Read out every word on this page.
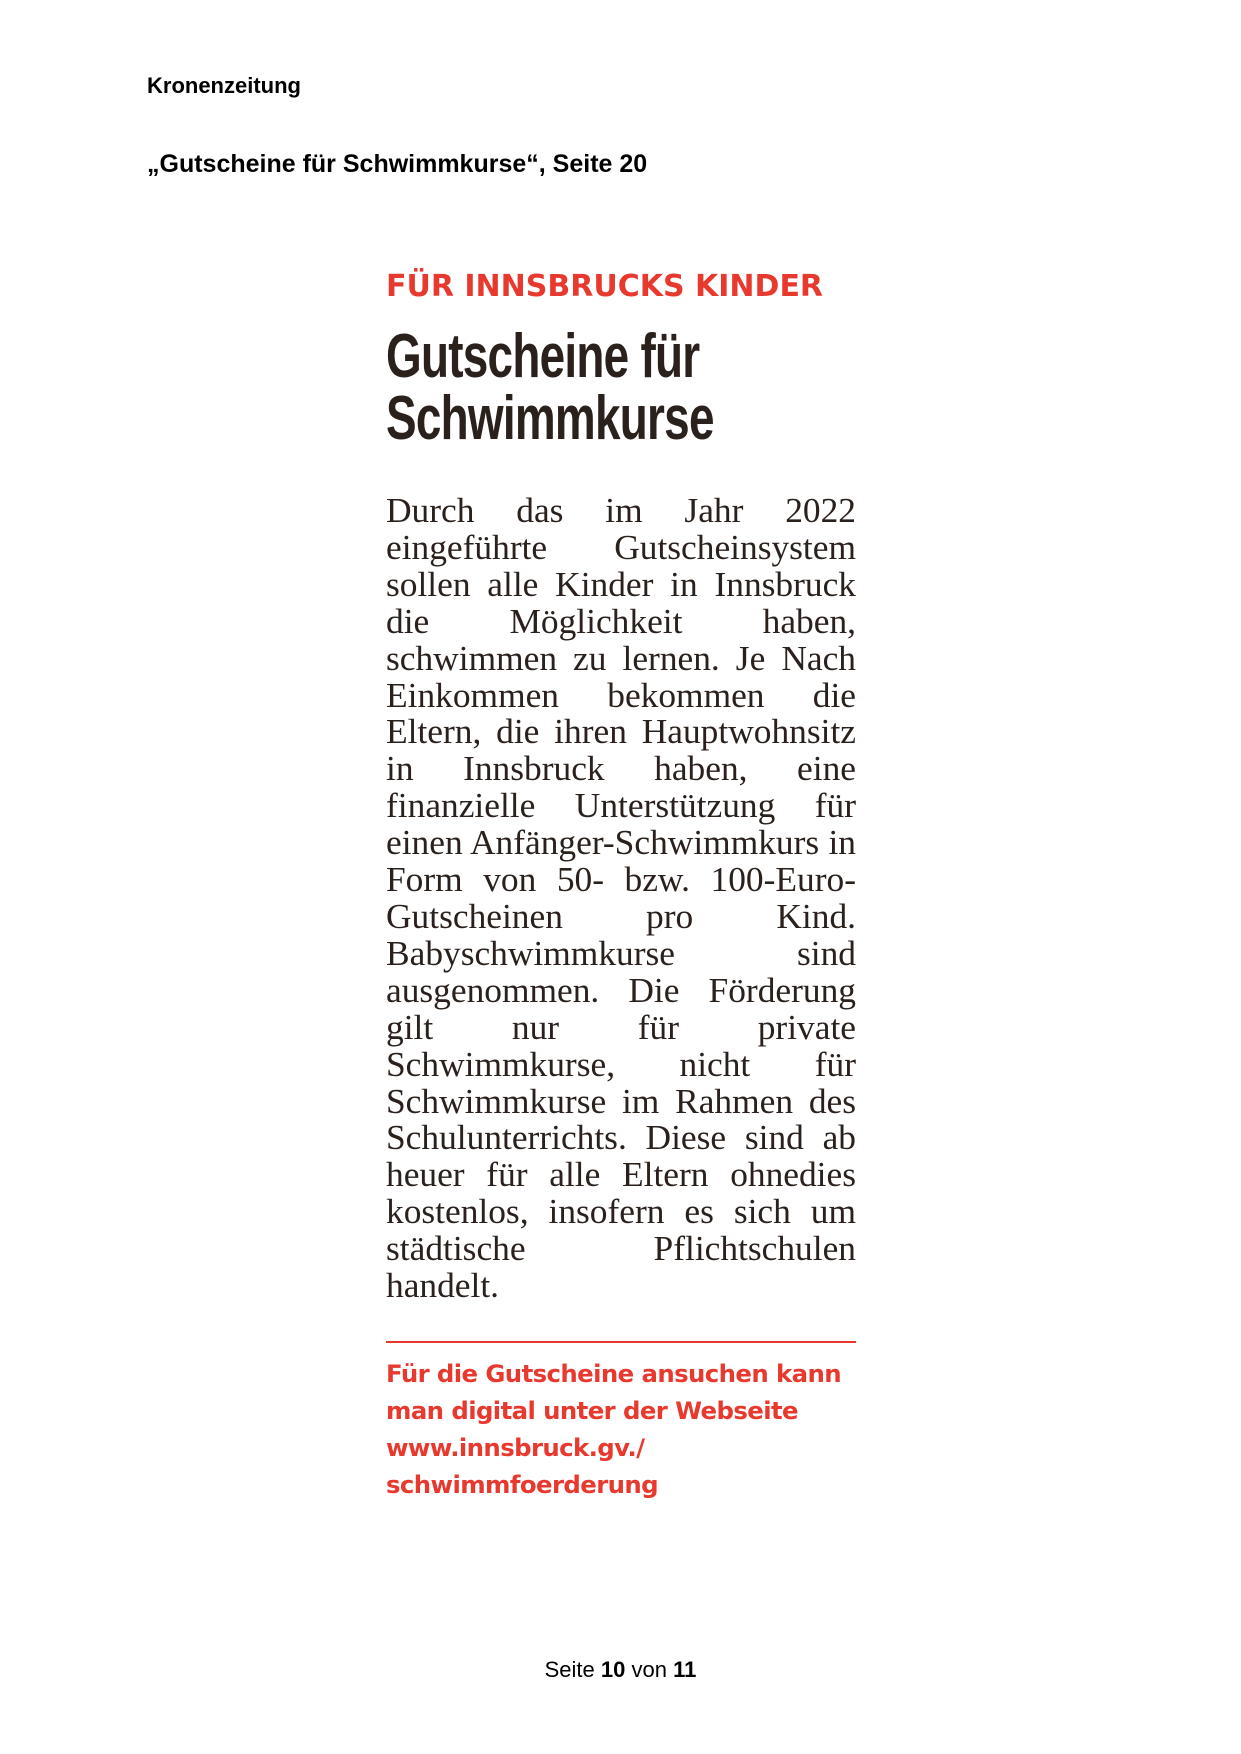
Kronenzeitung

„Gutscheine für Schwimmkurse“, Seite 20

FÜR INNSBRUCKS KINDER

Gutscheine für
Schwimmkurse

Durch das im Jahr 2022 eingeführte Gutscheinsystem sollen alle Kinder in Innsbruck die Möglichkeit haben, schwimmen zu lernen. Je Nach Einkommen bekommen die Eltern, die ihren Hauptwohnsitz in Innsbruck haben, eine finanzielle Unterstützung für einen Anfänger-Schwimmkurs in Form von 50- bzw. 100-Euro-Gutscheinen pro Kind. Babyschwimmkurse sind ausgenommen. Die Förderung gilt nur für private Schwimmkurse, nicht für Schwimmkurse im Rahmen des Schulunterrichts. Diese sind ab heuer für alle Eltern ohnedies kostenlos, insofern es sich um städtische Pflichtschulen handelt.

Für die Gutscheine ansuchen kann
man digital unter der Webseite
www.innsbruck.gv./
schwimmfoerderung

Seite 10 von 11
